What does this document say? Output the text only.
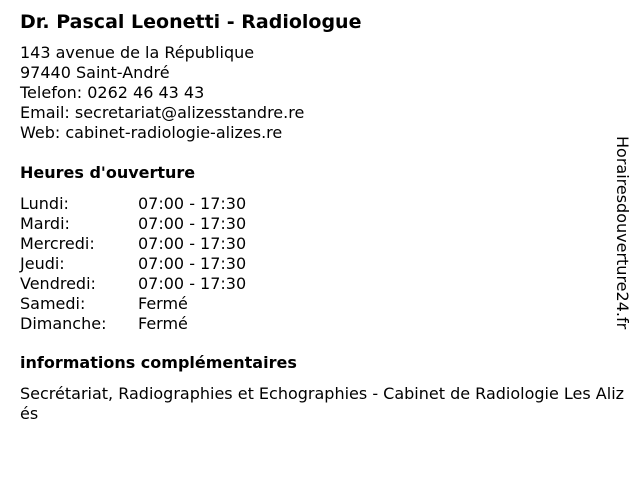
Dr. Pascal Leonetti - Radiologue
143 avenue de la République
97440 Saint-André
Telefon: 0262 46 43 43
Email: secretariat@alizesstandre.re
Web: cabinet-radiologie-alizes.re
Heures d'ouverture
Lundi:	07:00 - 17:30
Mardi:	07:00 - 17:30
Mercredi:	07:00 - 17:30
Jeudi:	07:00 - 17:30
Vendredi:	07:00 - 17:30
Samedi:	Fermé
Dimanche:	Fermé
informations complémentaires
Secrétariat, Radiographies et Echographies - Cabinet de Radiologie Les Alizés
Horairesdouverture24.fr
